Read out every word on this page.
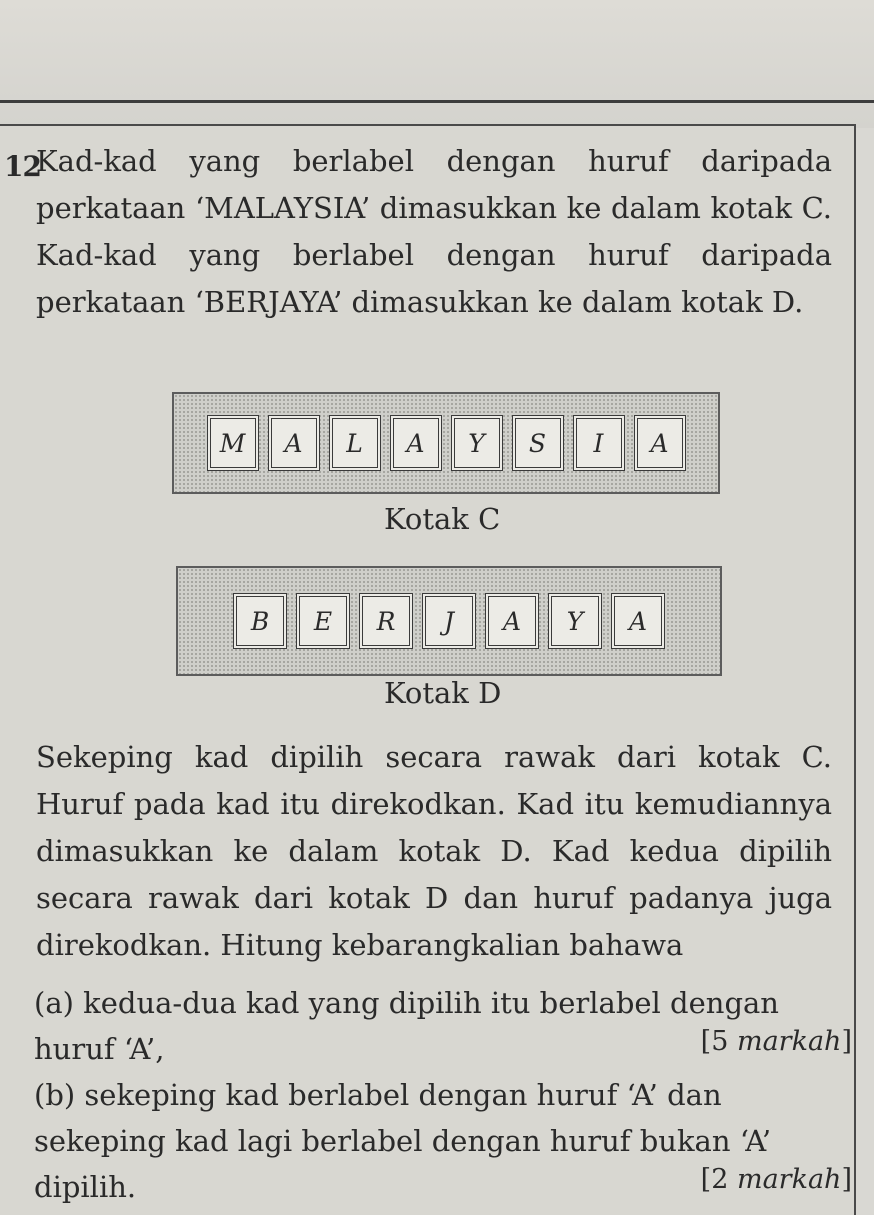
12

Kad-kad yang berlabel dengan huruf daripada perkataan ‘MALAYSIA’ dimasukkan ke dalam kotak C. Kad-kad yang berlabel dengan huruf daripada perkataan ‘BERJAYA’ dimasukkan ke dalam kotak D.

M	A	L	A	Y	S	I	A
Kotak C
B	E	R	J	A	Y	A
Kotak D

Sekeping kad dipilih secara rawak dari kotak C. Huruf pada kad itu direkodkan. Kad itu kemudiannya dimasukkan ke dalam kotak D. Kad kedua dipilih secara rawak dari kotak D dan huruf padanya juga direkodkan. Hitung kebarangkalian bahawa

(a) kedua-dua kad yang dipilih itu berlabel dengan huruf ‘A’,	[5 markah]
(b) sekeping kad berlabel dengan huruf ‘A’ dan sekeping kad lagi berlabel dengan huruf bukan ‘A’ dipilih.	[2 markah]
